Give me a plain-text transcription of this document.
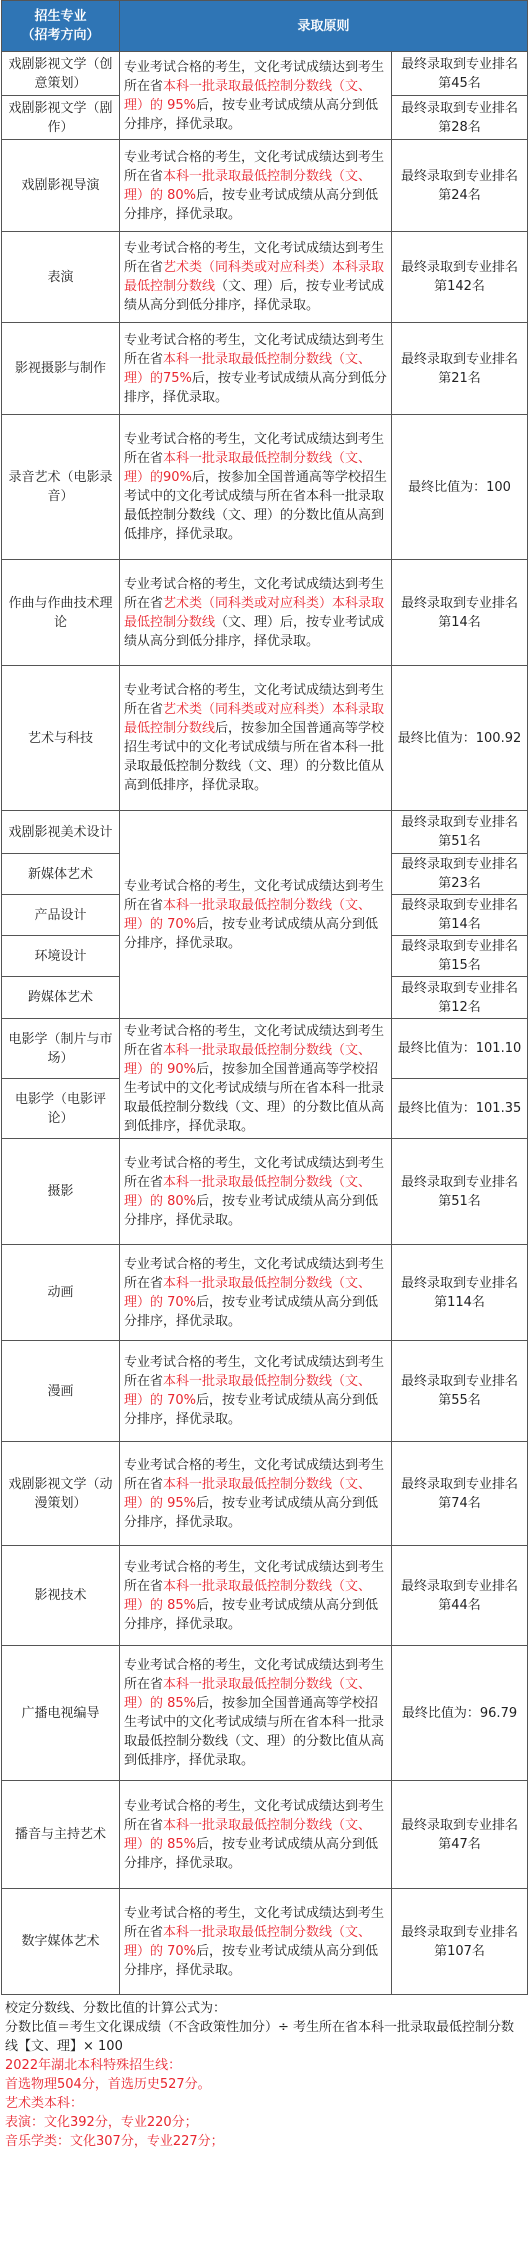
招生专业
（招考方向）	录取原则	
戏剧影视文学（创意策划）	专业考试合格的考生，文化考试成绩达到考生所在省本科一批录取最低控制分数线（文、理）的 95%后，按专业考试成绩从高分到低分排序，择优录取。	最终录取到专业排名第45名
戏剧影视文学（剧作）		最终录取到专业排名第28名
戏剧影视导演	专业考试合格的考生，文化考试成绩达到考生所在省本科一批录取最低控制分数线（文、理）的 80%后，按专业考试成绩从高分到低分排序，择优录取。	最终录取到专业排名第24名
表演	专业考试合格的考生，文化考试成绩达到考生所在省艺术类（同科类或对应科类）本科录取最低控制分数线（文、理）后，按专业考试成绩从高分到低分排序，择优录取。	最终录取到专业排名第142名
影视摄影与制作	专业考试合格的考生，文化考试成绩达到考生所在省本科一批录取最低控制分数线（文、理）的75%后，按专业考试成绩从高分到低分排序，择优录取。	最终录取到专业排名第21名
录音艺术（电影录音）	专业考试合格的考生，文化考试成绩达到考生所在省本科一批录取最低控制分数线（文、理）的90%后，按参加全国普通高等学校招生考试中的文化考试成绩与所在省本科一批录取最低控制分数线（文、理）的分数比值从高到低排序，择优录取。	最终比值为：100
作曲与作曲技术理论	专业考试合格的考生，文化考试成绩达到考生所在省艺术类（同科类或对应科类）本科录取最低控制分数线（文、理）后，按专业考试成绩从高分到低分排序，择优录取。	最终录取到专业排名第14名
艺术与科技	专业考试合格的考生，文化考试成绩达到考生所在省艺术类（同科类或对应科类）本科录取最低控制分数线后，按参加全国普通高等学校招生考试中的文化考试成绩与所在省本科一批录取最低控制分数线（文、理）的分数比值从高到低排序，择优录取。	最终比值为：100.92
戏剧影视美术设计	专业考试合格的考生，文化考试成绩达到考生所在省本科一批录取最低控制分数线（文、理）的 70%后，按专业考试成绩从高分到低分排序，择优录取。	最终录取到专业排名第51名
新媒体艺术		最终录取到专业排名第23名
产品设计		最终录取到专业排名第14名
环境设计		最终录取到专业排名第15名
跨媒体艺术		最终录取到专业排名第12名
电影学（制片与市场）	专业考试合格的考生，文化考试成绩达到考生所在省本科一批录取最低控制分数线（文、理）的 90%后，按参加全国普通高等学校招生考试中的文化考试成绩与所在省本科一批录取最低控制分数线（文、理）的分数比值从高到低排序，择优录取。	最终比值为：101.10
电影学（电影评论）		最终比值为：101.35
摄影	专业考试合格的考生，文化考试成绩达到考生所在省本科一批录取最低控制分数线（文、理）的 80%后，按专业考试成绩从高分到低分排序，择优录取。	最终录取到专业排名第51名
动画	专业考试合格的考生，文化考试成绩达到考生所在省本科一批录取最低控制分数线（文、理）的 70%后，按专业考试成绩从高分到低分排序，择优录取。	最终录取到专业排名第114名
漫画	专业考试合格的考生，文化考试成绩达到考生所在省本科一批录取最低控制分数线（文、理）的 70%后，按专业考试成绩从高分到低分排序，择优录取。	最终录取到专业排名第55名
戏剧影视文学（动漫策划）	专业考试合格的考生，文化考试成绩达到考生所在省本科一批录取最低控制分数线（文、理）的 95%后，按专业考试成绩从高分到低分排序，择优录取。	最终录取到专业排名第74名
影视技术	专业考试合格的考生，文化考试成绩达到考生所在省本科一批录取最低控制分数线（文、理）的 85%后，按专业考试成绩从高分到低分排序，择优录取。	最终录取到专业排名第44名
广播电视编导	专业考试合格的考生，文化考试成绩达到考生所在省本科一批录取最低控制分数线（文、理）的 85%后，按参加全国普通高等学校招生考试中的文化考试成绩与所在省本科一批录取最低控制分数线（文、理）的分数比值从高到低排序，择优录取。	最终比值为：96.79
播音与主持艺术	专业考试合格的考生，文化考试成绩达到考生所在省本科一批录取最低控制分数线（文、理）的 85%后，按专业考试成绩从高分到低分排序，择优录取。	最终录取到专业排名第47名
数字媒体艺术	专业考试合格的考生，文化考试成绩达到考生所在省本科一批录取最低控制分数线（文、理）的 70%后，按专业考试成绩从高分到低分排序，择优录取。	最终录取到专业排名第107名
校定分数线、分数比值的计算公式为：
分数比值＝考生文化课成绩（不含政策性加分）÷ 考生所在省本科一批录取最低控制分数线【文、理】× 100
2022年湖北本科特殊招生线：
首选物理504分，首选历史527分。
艺术类本科：
表演：文化392分，专业220分；
音乐学类：文化307分，专业227分；
